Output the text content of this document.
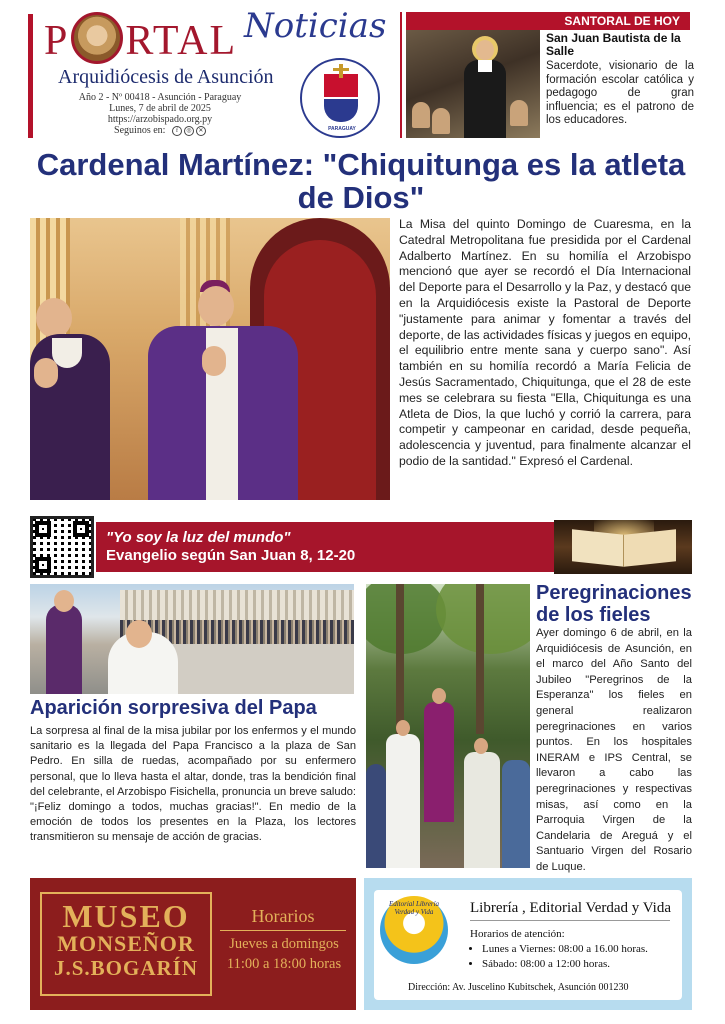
P RTAL Noticias
Arquidiócesis de Asunción
Año 2 - Nº 00418 - Asunción - Paraguay
Lunes, 7 de abril de 2025
https://arzobispado.org.py
Seguinos en:	f	◎	✕	PARAGUAY
SANTORAL DE HOY
San Juan Bautista de la Salle
Sacerdote, visionario de la formación escolar católica y pedagogo de gran influencia; es el patrono de los educadores.
Cardenal Martínez: "Chiquitunga es la atleta de Dios"
La Misa del quinto Domingo de Cuaresma, en la Catedral Metropolitana fue presidida por el Cardenal Adalberto Martínez. En su homilía el Arzobispo mencionó que ayer se recordó el Día Internacional del Deporte para el Desarrollo y la Paz, y destacó que en la Arquidiócesis existe la Pastoral de Deporte "justamente para animar y fomentar a través del deporte, de las actividades físicas y juegos en equipo, el equilibrio entre mente sana y cuerpo sano". Así también en su homilía recordó a María Felicia de Jesús Sacramentado, Chiquitunga, que el 28 de este mes se celebrara su fiesta "Ella, Chiquitunga es una Atleta de Dios, la que luchó y corrió la carrera, para competir y campeonar en caridad, desde pequeña, adolescencia y juventud, para finalmente alcanzar el podio de la santidad." Expresó el Cardenal.
"Yo soy la luz del mundo"
Evangelio según San Juan 8, 12-20
Aparición sorpresiva del Papa
La sorpresa al final de la misa jubilar por los enfermos y el mundo sanitario es la llegada del Papa Francisco a la plaza de San Pedro. En silla de ruedas, acompañado por su enfermero personal, que lo lleva hasta el altar, donde, tras la bendición final del celebrante, el Arzobispo Fisichella, pronuncia un breve saludo: "¡Feliz domingo a todos, muchas gracias!". En medio de la emoción de todos los presentes en la Plaza, los lectores transmitieron su mensaje de acción de gracias.
Peregrinaciones de los fieles
Ayer domingo 6 de abril, en la Arquidiócesis de Asunción, en el marco del Año Santo del Jubileo "Peregrinos de la Esperanza" los fieles en general realizaron peregrinaciones en varios puntos. En los hospitales INERAM e IPS Central, se llevaron a cabo las peregrinaciones y respectivas misas, así como en la Parroquia Virgen de la Candelaria de Areguá y el Santuario Virgen del Rosario de Luque.
MUSEO
MONSEÑOR
J.S.BOGARÍN
Horarios
Jueves a domingos
11:00 a 18:00 horas
Editorial Librería Verdad y Vida	Librería , Editorial Verdad y Vida
Horarios de atención:
• Lunes a Viernes: 08:00 a 16.00 horas.
• Sábado: 08:00 a 12:00 horas.
Dirección: Av. Juscelino Kubitschek, Asunción 001230
